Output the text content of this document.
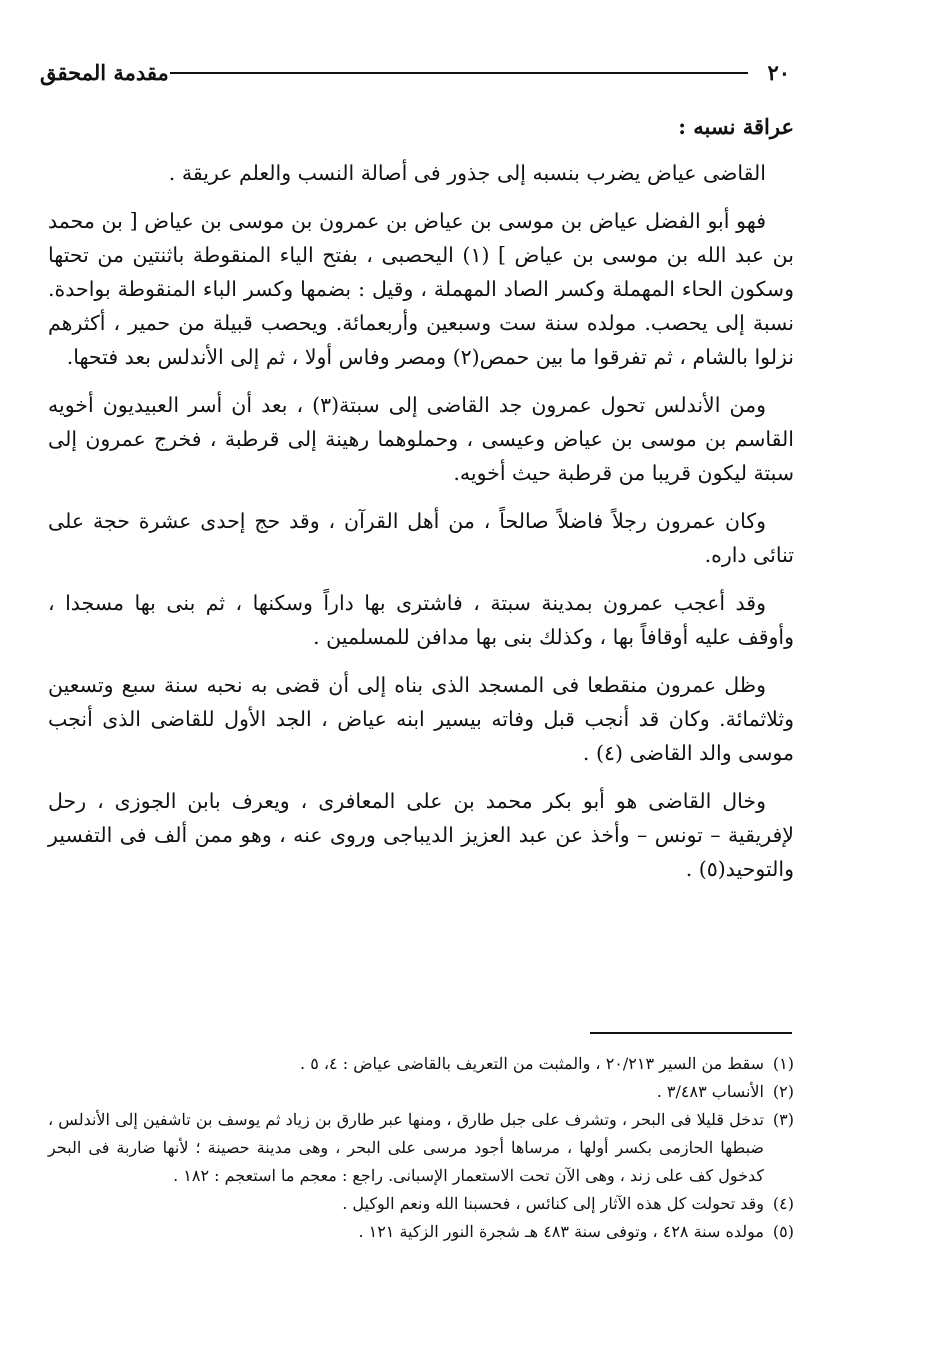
٢٠
مقدمة المحقق
عراقة نسبه :

القاضى عياض يضرب بنسبه إلى جذور فى أصالة النسب والعلم عريقة .

فهو أبو الفضل عياض بن موسى بن عياض بن عمرون بن موسى بن عياض [ بن محمد بن عبد الله بن موسى بن عياض ] (١) اليحصبى ، بفتح الياء المنقوطة باثنتين من تحتها وسكون الحاء المهملة وكسر الصاد المهملة ، وقيل : بضمها وكسر الباء المنقوطة بواحدة. نسبة إلى يحصب. مولده سنة ست وسبعين وأربعمائة. ويحصب قبيلة من حمير ، أكثرهم نزلوا بالشام ، ثم تفرقوا ما بين حمص(٢) ومصر وفاس أولا ، ثم إلى الأندلس بعد فتحها.

ومن الأندلس تحول عمرون جد القاضى إلى سبتة(٣) ، بعد أن أسر العبيديون أخويه القاسم بن موسى بن عياض وعيسى ، وحملوهما رهينة إلى قرطبة ، فخرج عمرون إلى سبتة ليكون قريبا من قرطبة حيث أخويه.

وكان عمرون رجلاً فاضلاً صالحاً ، من أهل القرآن ، وقد حج إحدى عشرة حجة على تنائى داره.

وقد أعجب عمرون بمدينة سبتة ، فاشترى بها داراً وسكنها ، ثم بنى بها مسجدا ، وأوقف عليه أوقافاً بها ، وكذلك بنى بها مدافن للمسلمين .

وظل عمرون منقطعا فى المسجد الذى بناه إلى أن قضى به نحبه سنة سبع وتسعين وثلاثمائة. وكان قد أنجب قبل وفاته بيسير ابنه عياض ، الجد الأول للقاضى الذى أنجب موسى والد القاضى (٤) .

وخال القاضى هو أبو بكر محمد بن على المعافرى ، ويعرف بابن الجوزى ، رحل لإفريقية – تونس – وأخذ عن عبد العزيز الديباجى وروى عنه ، وهو ممن ألف فى التفسير والتوحيد(٥) .

(١)
سقط من السير ٢٠/٢١٣ ، والمثبت من التعريف بالقاضى عياض : ٤، ٥ .

(٢)
الأنساب ٣/٤٨٣ .

(٣)
تدخل قليلا فى البحر ، وتشرف على جبل طارق ، ومنها عبر طارق بن زياد ثم يوسف بن تاشفين إلى الأندلس ، ضبطها الحازمى بكسر أولها ، مرساها أجود مرسى على البحر ، وهى مدينة حصينة ؛ لأنها ضاربة فى البحر كدخول كف على زند ، وهى الآن تحت الاستعمار الإسبانى. راجع : معجم ما استعجم : ١٨٢ .

(٤)
وقد تحولت كل هذه الآثار إلى كنائس ، فحسبنا الله ونعم الوكيل .

(٥)
مولده سنة ٤٢٨ ، وتوفى سنة ٤٨٣ هـ شجرة النور الزكية ١٢١ .
